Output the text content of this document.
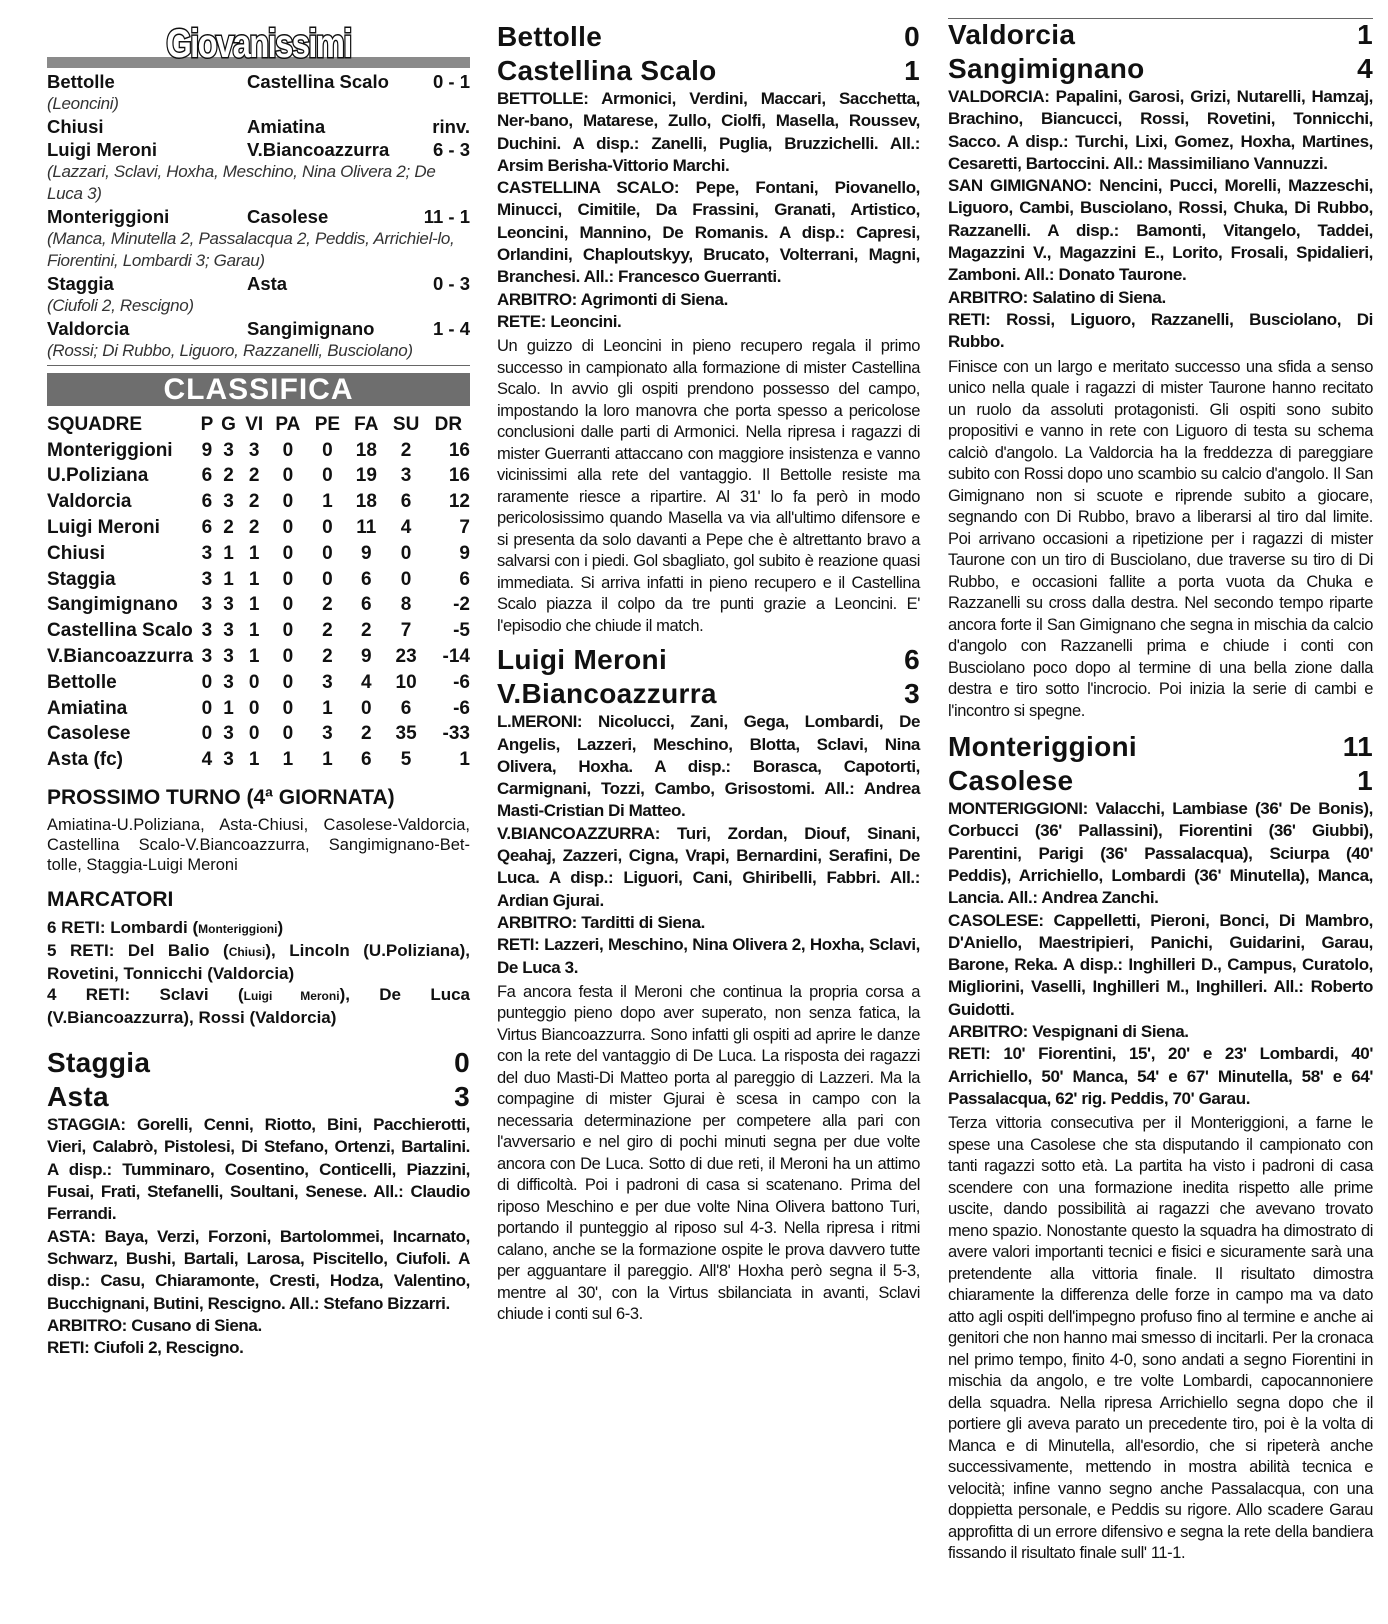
Giovanissimi
Bettolle	Castellina Scalo	0 - 1
(Leoncini)
Chiusi	Amiatina	rinv.
Luigi Meroni	V.Biancoazzurra	6 - 3
(Lazzari, Sclavi, Hoxha, Meschino, Nina Olivera 2; De Luca 3)
Monteriggioni	Casolese	11 - 1
(Manca, Minutella 2, Passalacqua 2, Peddis, Arrichiel-lo, Fiorentini, Lombardi 3; Garau)
Staggia	Asta	0 - 3
(Ciufoli 2, Rescigno)
Valdorcia	Sangimignano	1 - 4
(Rossi; Di Rubbo, Liguoro, Razzanelli, Busciolano)
CLASSIFICA
SQUADRE	P	G	VI	PA	PE	FA	SU	DR
Monteriggioni	9	3	3	0	0	18	2	16
U.Poliziana	6	2	2	0	0	19	3	16
Valdorcia	6	3	2	0	1	18	6	12
Luigi Meroni	6	2	2	0	0	11	4	7
Chiusi	3	1	1	0	0	9	0	9
Staggia	3	1	1	0	0	6	0	6
Sangimignano	3	3	1	0	2	6	8	-2
Castellina Scalo	3	3	1	0	2	2	7	-5
V.Biancoazzurra	3	3	1	0	2	9	23	-14
Bettolle	0	3	0	0	3	4	10	-6
Amiatina	0	1	0	0	1	0	6	-6
Casolese	0	3	0	0	3	2	35	-33
Asta (fc)	4	3	1	1	1	6	5	1
PROSSIMO TURNO (4ª GIORNATA)
Amiatina-U.Poliziana, Asta-Chiusi, Casolese-Valdorcia, Castellina Scalo-V.Biancoazzurra, Sangimignano-Bet-tolle, Staggia-Luigi Meroni
MARCATORI
6 RETI: Lombardi (Monteriggioni)
5 RETI: Del Balio (Chiusi), Lincoln (U.Poliziana), Rovetini, Tonnicchi (Valdorcia)
4 RETI: Sclavi (Luigi Meroni), De Luca (V.Biancoazzurra), Rossi (Valdorcia)
Staggia	0
Asta	3
STAGGIA: Gorelli, Cenni, Riotto, Bini, Pacchierotti, Vieri, Calabrò, Pistolesi, Di Stefano, Ortenzi, Bartalini. A disp.: Tumminaro, Cosentino, Conticelli, Piazzini, Fusai, Frati, Stefanelli, Soultani, Senese. All.: Claudio Ferrandi.
ASTA: Baya, Verzi, Forzoni, Bartolommei, Incarnato, Schwarz, Bushi, Bartali, Larosa, Piscitello, Ciufoli. A disp.: Casu, Chiaramonte, Cresti, Hodza, Valentino, Bucchignani, Butini, Rescigno. All.: Stefano Bizzarri.
ARBITRO: Cusano di Siena.
RETI: Ciufoli 2, Rescigno.
Bettolle	0
Castellina Scalo	1
BETTOLLE: Armonici, Verdini, Maccari, Sacchetta, Ner-bano, Matarese, Zullo, Ciolfi, Masella, Roussev, Duchini. A disp.: Zanelli, Puglia, Bruzzichelli. All.: Arsim Berisha-Vittorio Marchi.
CASTELLINA SCALO: Pepe, Fontani, Piovanello, Minucci, Cimitile, Da Frassini, Granati, Artistico, Leoncini, Mannino, De Romanis. A disp.: Capresi, Orlandini, Chaploutskyy, Brucato, Volterrani, Magni, Branchesi. All.: Francesco Guerranti.
ARBITRO: Agrimonti di Siena.
RETE: Leoncini.
Un guizzo di Leoncini in pieno recupero regala il primo successo in campionato alla formazione di mister Castellina Scalo. In avvio gli ospiti prendono possesso del campo, impostando la loro manovra che porta spesso a pericolose conclusioni dalle parti di Armonici. Nella ripresa i ragazzi di mister Guerranti attaccano con maggiore insistenza e vanno vicinissimi alla rete del vantaggio. Il Bettolle resiste ma raramente riesce a ripartire. Al 31' lo fa però in modo pericolosissimo quando Masella va via all'ultimo difensore e si presenta da solo davanti a Pepe che è altrettanto bravo a salvarsi con i piedi. Gol sbagliato, gol subito è reazione quasi immediata. Si arriva infatti in pieno recupero e il Castellina Scalo piazza il colpo da tre punti grazie a Leoncini. E' l'episodio che chiude il match.
Luigi Meroni	6
V.Biancoazzurra	3
L.MERONI: Nicolucci, Zani, Gega, Lombardi, De Angelis, Lazzeri, Meschino, Blotta, Sclavi, Nina Olivera, Hoxha. A disp.: Borasca, Capotorti, Carmignani, Tozzi, Cambo, Grisostomi. All.: Andrea Masti-Cristian Di Matteo.
V.BIANCOAZZURRA: Turi, Zordan, Diouf, Sinani, Qeahaj, Zazzeri, Cigna, Vrapi, Bernardini, Serafini, De Luca. A disp.: Liguori, Cani, Ghiribelli, Fabbri. All.: Ardian Gjurai.
ARBITRO: Tarditti di Siena.
RETI: Lazzeri, Meschino, Nina Olivera 2, Hoxha, Sclavi, De Luca 3.
Fa ancora festa il Meroni che continua la propria corsa a punteggio pieno dopo aver superato, non senza fatica, la Virtus Biancoazzurra. Sono infatti gli ospiti ad aprire le danze con la rete del vantaggio di De Luca. La risposta dei ragazzi del duo Masti-Di Matteo porta al pareggio di Lazzeri. Ma la compagine di mister Gjurai è scesa in campo con la necessaria determinazione per competere alla pari con l'avversario e nel giro di pochi minuti segna per due volte ancora con De Luca. Sotto di due reti, il Meroni ha un attimo di difficoltà. Poi i padroni di casa si scatenano. Prima del riposo Meschino e per due volte Nina Olivera battono Turi, portando il punteggio al riposo sul 4-3. Nella ripresa i ritmi calano, anche se la formazione ospite le prova davvero tutte per agguantare il pareggio. All'8' Hoxha però segna il 5-3, mentre al 30', con la Virtus sbilanciata in avanti, Sclavi chiude i conti sul 6-3.
Valdorcia	1
Sangimignano	4
VALDORCIA: Papalini, Garosi, Grizi, Nutarelli, Hamzaj, Brachino, Biancucci, Rossi, Rovetini, Tonnicchi, Sacco. A disp.: Turchi, Lixi, Gomez, Hoxha, Martines, Cesaretti, Bartoccini. All.: Massimiliano Vannuzzi.
SAN GIMIGNANO: Nencini, Pucci, Morelli, Mazzeschi, Liguoro, Cambi, Busciolano, Rossi, Chuka, Di Rubbo, Razzanelli. A disp.: Bamonti, Vitangelo, Taddei, Magazzini V., Magazzini E., Lorito, Frosali, Spidalieri, Zamboni. All.: Donato Taurone.
ARBITRO: Salatino di Siena.
RETI: Rossi, Liguoro, Razzanelli, Busciolano, Di Rubbo.
Finisce con un largo e meritato successo una sfida a senso unico nella quale i ragazzi di mister Taurone hanno recitato un ruolo da assoluti protagonisti. Gli ospiti sono subito propositivi e vanno in rete con Liguoro di testa su schema calciò d'angolo. La Valdorcia ha la freddezza di pareggiare subito con Rossi dopo uno scambio su calcio d'angolo. Il San Gimignano non si scuote e riprende subito a giocare, segnando con Di Rubbo, bravo a liberarsi al tiro dal limite. Poi arrivano occasioni a ripetizione per i ragazzi di mister Taurone con un tiro di Busciolano, due traverse su tiro di Di Rubbo, e occasioni fallite a porta vuota da Chuka e Razzanelli su cross dalla destra. Nel secondo tempo riparte ancora forte il San Gimignano che segna in mischia da calcio d'angolo con Razzanelli prima e chiude i conti con Busciolano poco dopo al termine di una bella zione dalla destra e tiro sotto l'incrocio. Poi inizia la serie di cambi e l'incontro si spegne.
Monteriggioni	11
Casolese	1
MONTERIGGIONI: Valacchi, Lambiase (36' De Bonis), Corbucci (36' Pallassini), Fiorentini (36' Giubbi), Parentini, Parigi (36' Passalacqua), Sciurpa (40' Peddis), Arrichiello, Lombardi (36' Minutella), Manca, Lancia. All.: Andrea Zanchi.
CASOLESE: Cappelletti, Pieroni, Bonci, Di Mambro, D'Aniello, Maestripieri, Panichi, Guidarini, Garau, Barone, Reka. A disp.: Inghilleri D., Campus, Curatolo, Migliorini, Vaselli, Inghilleri M., Inghilleri. All.: Roberto Guidotti.
ARBITRO: Vespignani di Siena.
RETI: 10' Fiorentini, 15', 20' e 23' Lombardi, 40' Arrichiello, 50' Manca, 54' e 67' Minutella, 58' e 64' Passalacqua, 62' rig. Peddis, 70' Garau.
Terza vittoria consecutiva per il Monteriggioni, a farne le spese una Casolese che sta disputando il campionato con tanti ragazzi sotto età. La partita ha visto i padroni di casa scendere con una formazione inedita rispetto alle prime uscite, dando possibilità ai ragazzi che avevano trovato meno spazio. Nonostante questo la squadra ha dimostrato di avere valori importanti tecnici e fisici e sicuramente sarà una pretendente alla vittoria finale. Il risultato dimostra chiaramente la differenza delle forze in campo ma va dato atto agli ospiti dell'impegno profuso fino al termine e anche ai genitori che non hanno mai smesso di incitarli. Per la cronaca nel primo tempo, finito 4-0, sono andati a segno Fiorentini in mischia da angolo, e tre volte Lombardi, capocannoniere della squadra. Nella ripresa Arrichiello segna dopo che il portiere gli aveva parato un precedente tiro, poi è la volta di Manca e di Minutella, all'esordio, che si ripeterà anche successivamente, mettendo in mostra abilità tecnica e velocità; infine vanno segno anche Passalacqua, con una doppietta personale, e Peddis su rigore. Allo scadere Garau approfitta di un errore difensivo e segna la rete della bandiera fissando il risultato finale sull' 11-1.
